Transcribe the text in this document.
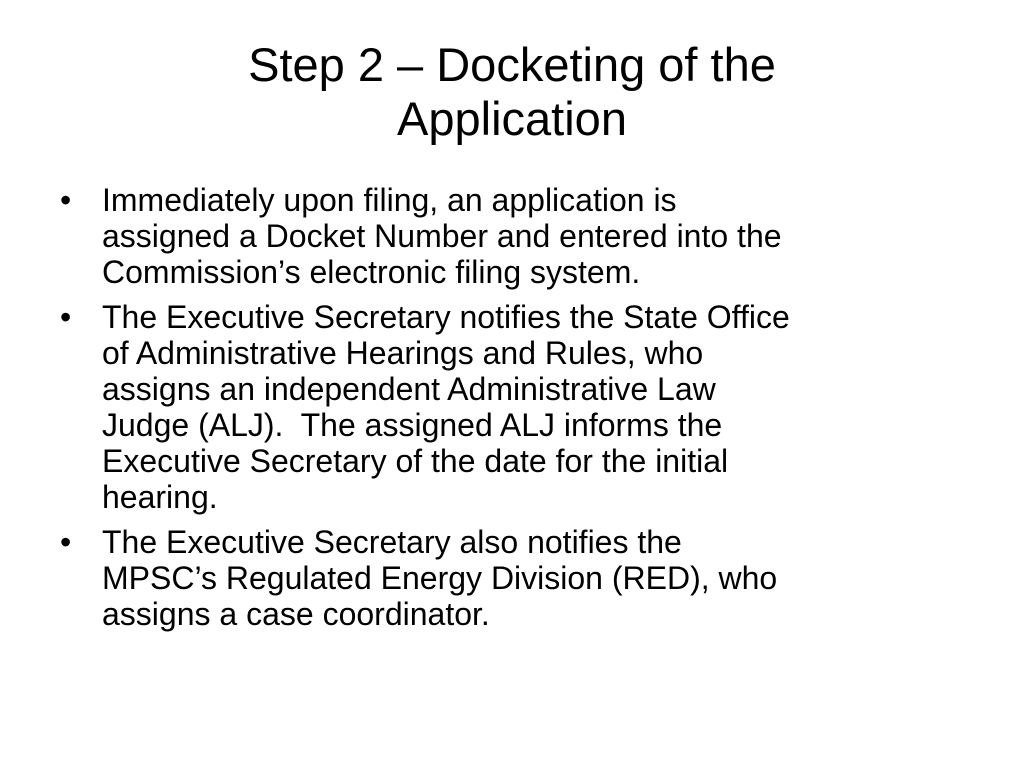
Step 2 – Docketing of the
Application
• Immediately upon filing, an application is
assigned a Docket Number and entered into the
Commission’s electronic filing system.
• The Executive Secretary notifies the State Office
of Administrative Hearings and Rules, who
assigns an independent Administrative Law
Judge (ALJ).  The assigned ALJ informs the
Executive Secretary of the date for the initial
hearing.
• The Executive Secretary also notifies the
MPSC’s Regulated Energy Division (RED), who
assigns a case coordinator.
